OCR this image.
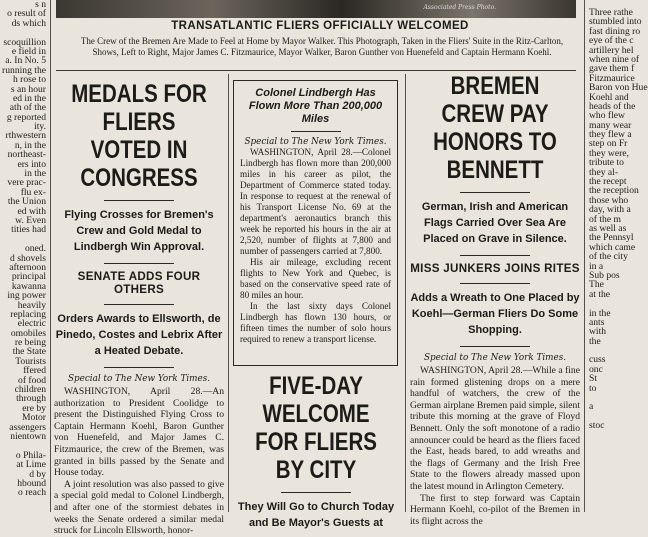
Associated Press Photo.
TRANSATLANTIC FLIERS OFFICIALLY WELCOMED
The Crew of the Bremen Are Made to Feel at Home by Mayor Walker. This Photograph, Taken in the Fliers' Suite in the Ritz-Carlton, Shows, Left to Right, Major James C. Fitzmaurice, Mayor Walker, Baron Gunther von Huenefeld and Captain Hermann Koehl.
s n
o result of
ds which
scoquillion
e field in
a. In No. 5
running the
h rose to
s an hour
ed in the
ath of the
g reported
ity.
rthwestern
n, in the
northeast-
ers into
in the
vere prac-
flu ex-
the Union
ed with
w. Even
tities had
oned.
d shovels
afternoon
principal
kawanna
ing power
heavily
replacing
electric
omobiles
re being
the State
Tourists
ffered
of food
children
through
ere by
Motor
assengers
nientown
o Phila-
at Lime
d by
hbound
o reach
MEDALS FOR FLIERS
VOTED IN CONGRESS
Flying Crosses for Bremen's Crew and Gold Medal to Lindbergh Win Approval.
SENATE ADDS FOUR OTHERS
Orders Awards to Ellsworth, de Pinedo, Costes and Lebrix After a Heated Debate.
Special to The New York Times.

WASHINGTON, April 28.—An authorization to President Coolidge to present the Distinguished Flying Cross to Captain Hermann Koehl, Baron Gunther von Huenefeld, and Major James C. Fitzmaurice, the crew of the Bremen, was granted in bills passed by the Senate and House today.

A joint resolution was also passed to give a special gold medal to Colonel Lindbergh, and after one of the stormiest debates in weeks the Senate ordered a similar medal struck for Lincoln Ellsworth, honor-

Colonel Lindbergh Has Flown More Than 200,000 Miles
Special to The New York Times.

WASHINGTON, April 28.—Colonel Lindbergh has flown more than 200,000 miles in his career as pilot, the Department of Commerce stated today. In response to request at the renewal of his Transport License No. 69 at the department's aeronautics branch this week he reported his hours in the air at 2,520, number of flights at 7,800 and number of passengers carried at 7,800.

His air mileage, excluding recent flights to New York and Quebec, is based on the conservative speed rate of 80 miles an hour.

In the last sixty days Colonel Lindbergh has flown 130 hours, or fifteen times the number of solo hours required to renew a transport license.

FIVE-DAY WELCOME
FOR FLIERS BY CITY
They Will Go to Church Today and Be Mayor's Guests at
BREMEN CREW PAY
HONORS TO BENNETT
German, Irish and American Flags Carried Over Sea Are Placed on Grave in Silence.
MISS JUNKERS JOINS RITES
Adds a Wreath to One Placed by Koehl—German Fliers Do Some Shopping.
Special to The New York Times.

WASHINGTON, April 28.—While a fine rain formed glistening drops on a mere handful of watchers, the crew of the German airplane Bremen paid simple, silent tribute this morning at the grave of Floyd Bennett. Only the soft monotone of a radio announcer could be heard as the fliers faced the East, heads bared, to add wreaths and the flags of Germany and the Irish Free State to the flowers already massed upon the latest mound in Arlington Cemetery.

The first to step forward was Captain Hermann Koehl, co-pilot of the Bremen in its flight across the

Three rathe
stumbled into
fast dining ro
eye of the c
artillery hel
when nine of
gave them f
Fitzmaurice
Baron von Hue
Koehl and
heads of the
who flew
many wear
they flew a
step on Fr
they were,
tribute to
they al-
the recept
the reception
those who
day, with a
of the m
as well as
the Pennsyl
which came
of the city
in a
Sub pos
The
at the
in the
ants
with
the
cuss
onc
St
to
a
stoc
